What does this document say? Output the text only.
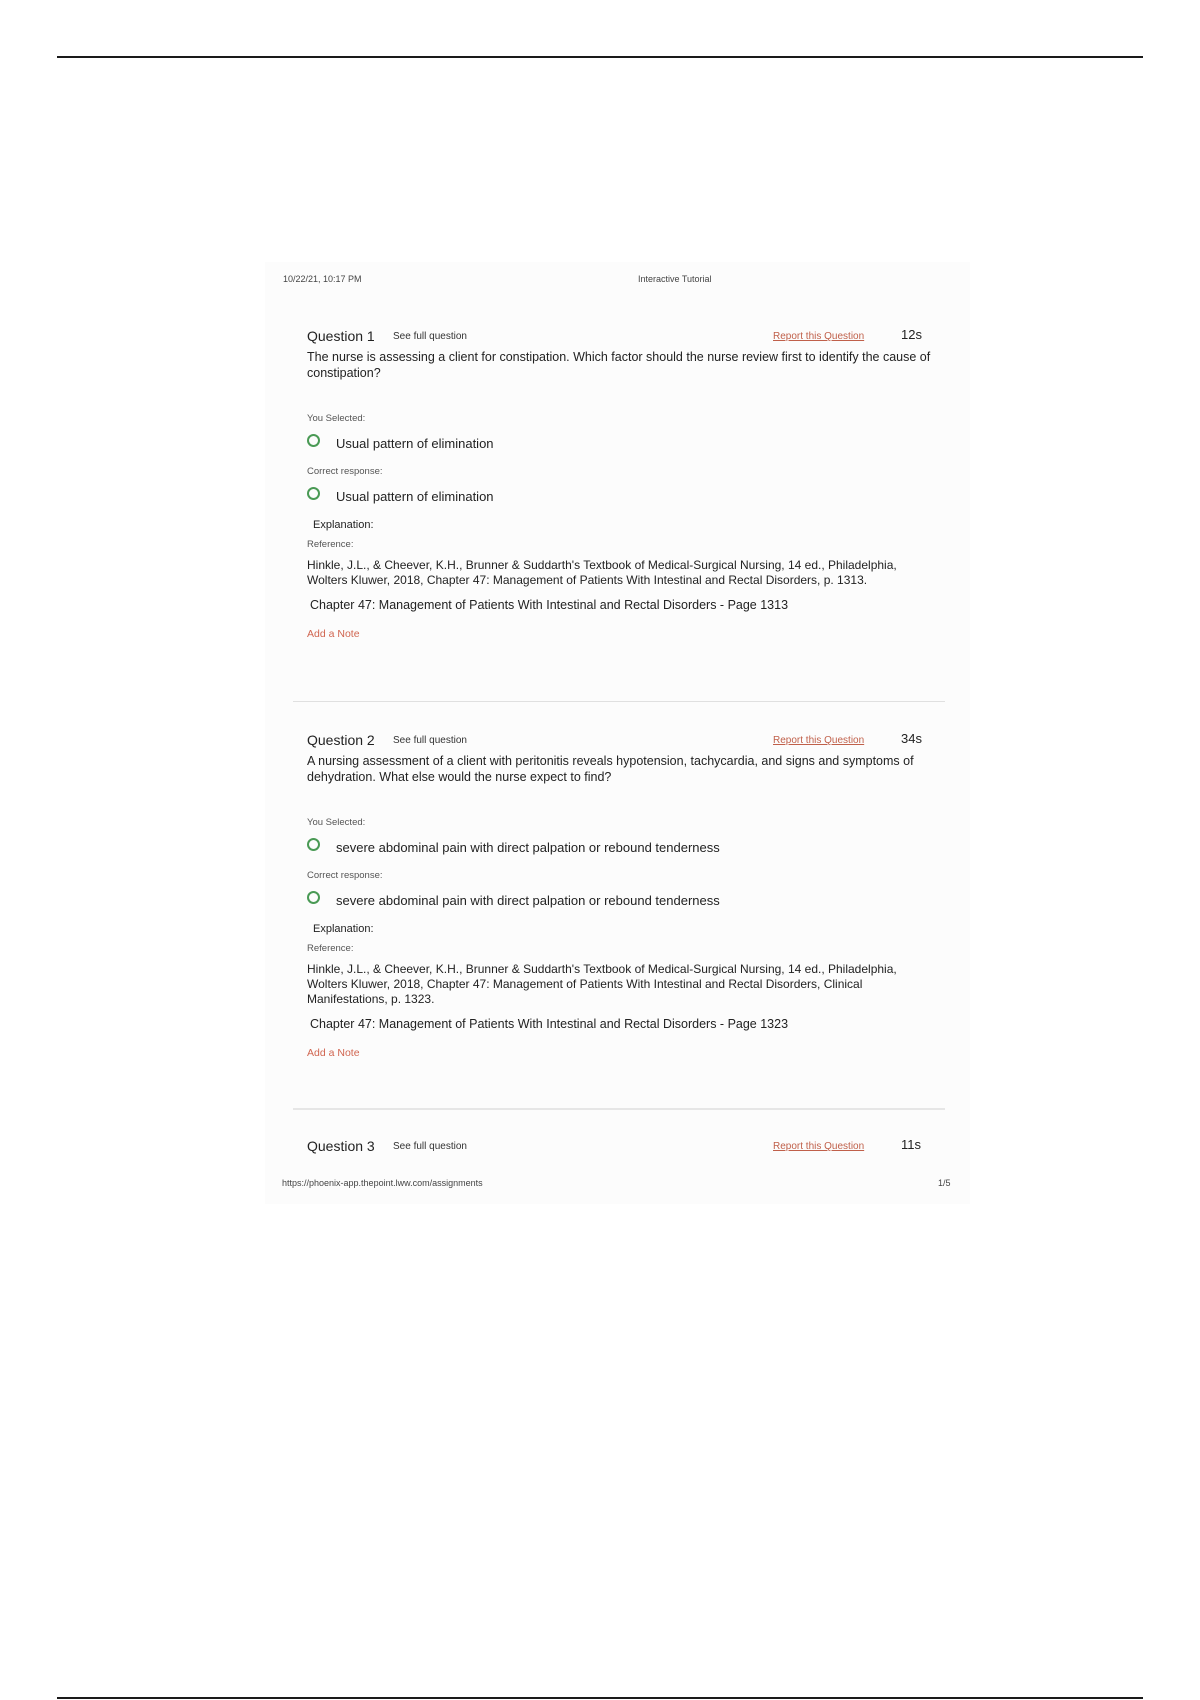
10/22/21, 10:17 PM	Interactive Tutorial
Question 1 See full question	Report this Question	12s
The nurse is assessing a client for constipation. Which factor should the nurse review first to identify the cause of constipation?
You Selected:
Usual pattern of elimination
Correct response:
Usual pattern of elimination
Explanation:
Reference:
Hinkle, J.L., & Cheever, K.H., Brunner & Suddarth's Textbook of Medical-Surgical Nursing, 14 ed., Philadelphia, Wolters Kluwer, 2018, Chapter 47: Management of Patients With Intestinal and Rectal Disorders, p. 1313.
Chapter 47: Management of Patients With Intestinal and Rectal Disorders - Page 1313
Add a Note
Question 2 See full question	Report this Question	34s
A nursing assessment of a client with peritonitis reveals hypotension, tachycardia, and signs and symptoms of dehydration. What else would the nurse expect to find?
You Selected:
severe abdominal pain with direct palpation or rebound tenderness
Correct response:
severe abdominal pain with direct palpation or rebound tenderness
Explanation:
Reference:
Hinkle, J.L., & Cheever, K.H., Brunner & Suddarth's Textbook of Medical-Surgical Nursing, 14 ed., Philadelphia, Wolters Kluwer, 2018, Chapter 47: Management of Patients With Intestinal and Rectal Disorders, Clinical Manifestations, p. 1323.
Chapter 47: Management of Patients With Intestinal and Rectal Disorders - Page 1323
Add a Note
Question 3 See full question	Report this Question	11s
https://phoenix-app.thepoint.lww.com/assignments	1/5
